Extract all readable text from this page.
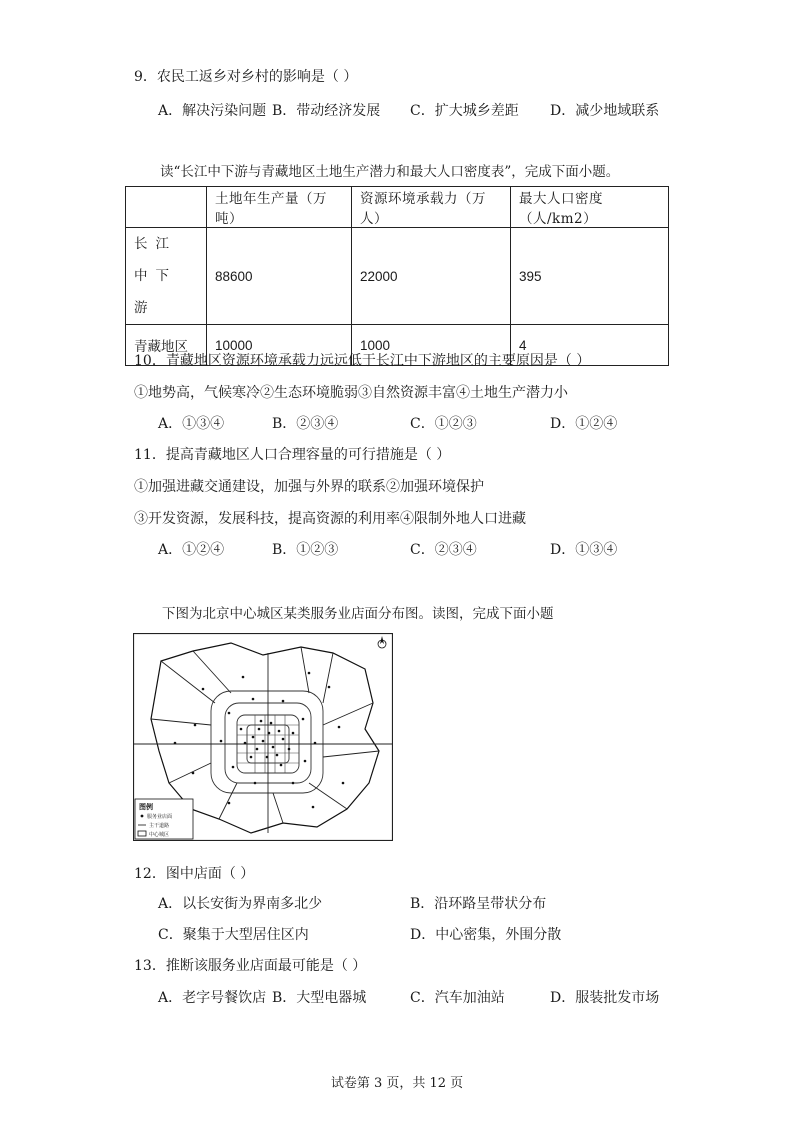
9．农民工返乡对乡村的影响是（ ）
A．解决污染问题 B．带动经济发展 C．扩大城乡差距 D．减少地域联系
读“长江中下游与青藏地区土地生产潜力和最大人口密度表”，完成下面小题。
	土地年生产量（万吨）	资源环境承载力（万人）	最大人口密度（人/km2）
长江中下游	88600	22000	395
青藏地区	10000	1000	4
10．青藏地区资源环境承载力远远低于长江中下游地区的主要原因是（ ）
①地势高，气候寒冷②生态环境脆弱③自然资源丰富④土地生产潜力小
A．①③④	B．②③④	C．①②③	D．①②④
11．提高青藏地区人口合理容量的可行措施是（ ）
①加强进藏交通建设，加强与外界的联系②加强环境保护
③开发资源，发展科技，提高资源的利用率④限制外地人口进藏
A．①②④	B．①②③	C．②③④	D．①③④
下图为北京中心城区某类服务业店面分布图。读图，完成下面小题
图例
服务业店面
主干道路
中心城区
12．图中店面（ ）
A．以长安街为界南多北少	B．沿环路呈带状分布
C．聚集于大型居住区内	D．中心密集，外围分散
13．推断该服务业店面最可能是（ ）
A．老字号餐饮店 B．大型电器城	C．汽车加油站	D．服装批发市场
试卷第 3 页，共 12 页
